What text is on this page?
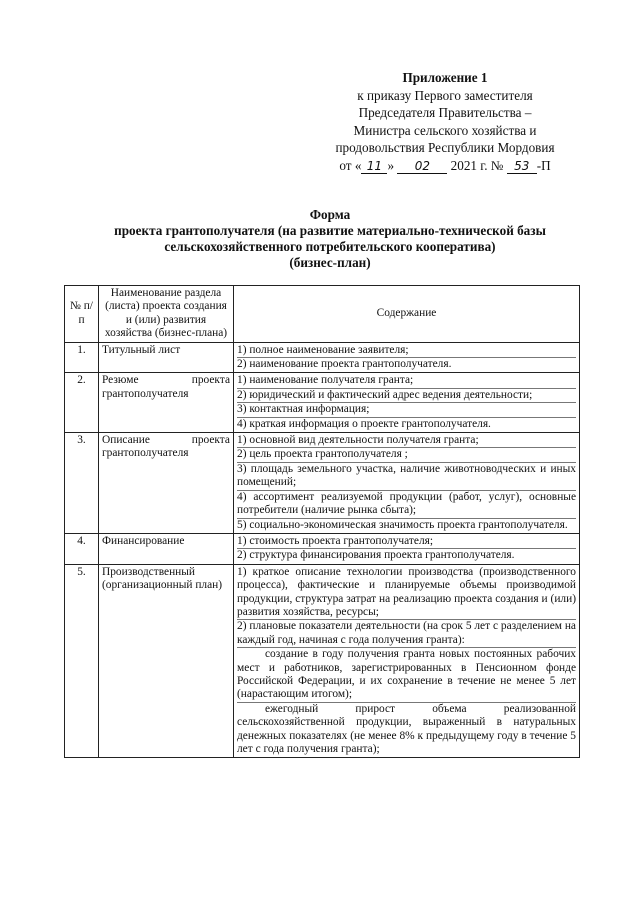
Приложение 1
к приказу Первого заместителя
Председателя Правительства –
Министра сельского хозяйства и
продовольствия Республики Мордовия
от « 11 » 02 2021 г. № 53 -П
Форма
проекта грантополучателя (на развитие материально-технической базы
сельскохозяйственного потребительского кооператива)
(бизнес-план)
№ п/п	Наименование раздела (листа) проекта создания и (или) развития хозяйства (бизнес-плана)	Содержание
1.	Титульный лист	1) полное наименование заявителя;
2) наименование проекта грантополучателя.

2.	Резюме проекта грантополучателя	1) наименование получателя гранта;
2) юридический и фактический адрес ведения деятельности;
3) контактная информация;
4) краткая информация о проекте грантополучателя.

3.	Описание проекта грантополучателя	1) основной вид деятельности получателя гранта;
2) цель проекта грантополучателя ;
3) площадь земельного участка, наличие животноводческих и иных помещений;
4) ассортимент реализуемой продукции (работ, услуг), основные потребители (наличие рынка сбыта);
5) социально-экономическая значимость проекта грантополучателя.

4.	Финансирование	1) стоимость проекта грантополучателя;
2) структура финансирования проекта грантополучателя.

5.	Производственный (организационный план)	1) краткое описание технологии производства (производственного процесса), фактические и планируемые объемы производимой продукции, структура затрат на реализацию проекта создания и (или) развития хозяйства, ресурсы;
2) плановые показатели деятельности (на срок 5 лет с разделением на каждый год, начиная с года получения гранта):
создание в году получения гранта новых постоянных рабочих мест и работников, зарегистрированных в Пенсионном фонде Российской Федерации, и их сохранение в течение не менее 5 лет (нарастающим итогом);
ежегодный прирост объема реализованной сельскохозяйственной продукции, выраженный в натуральных денежных показателях (не менее 8% к предыдущему году в течение 5 лет с года получения гранта);
